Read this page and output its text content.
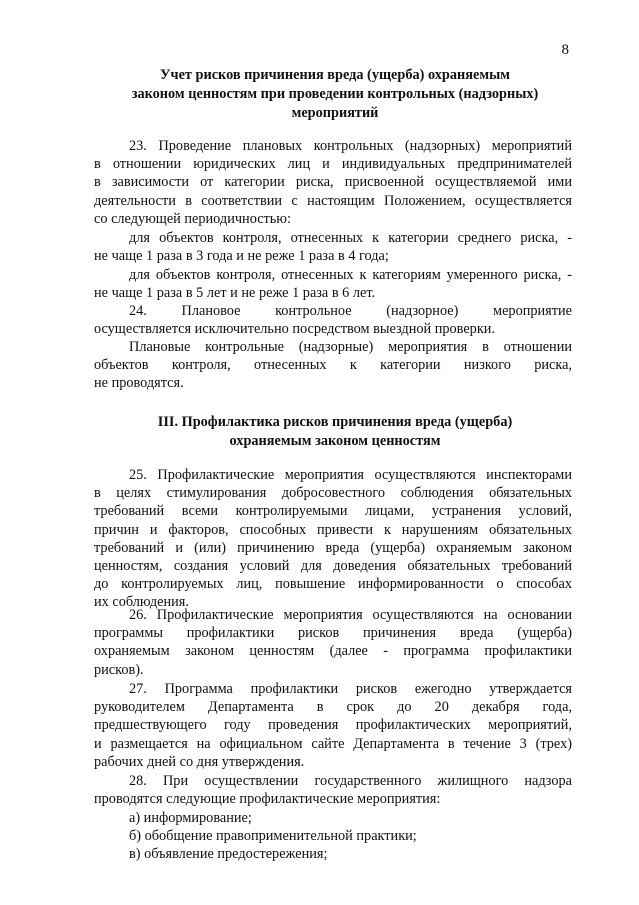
8
Учет рисков причинения вреда (ущерба) охраняемым
законом ценностям при проведении контрольных (надзорных)
мероприятий
23. Проведение плановых контрольных (надзорных) мероприятий
в отношении юридических лиц и индивидуальных предпринимателей
в зависимости от категории риска, присвоенной осуществляемой ими
деятельности в соответствии с настоящим Положением, осуществляется
со следующей периодичностью:
для объектов контроля, отнесенных к категории среднего риска, -
не чаще 1 раза в 3 года и не реже 1 раза в 4 года;
для объектов контроля, отнесенных к категориям умеренного риска, -
не чаще 1 раза в 5 лет и не реже 1 раза в 6 лет.
24. Плановое контрольное (надзорное) мероприятие
осуществляется исключительно посредством выездной проверки.
Плановые контрольные (надзорные) мероприятия в отношении
объектов контроля, отнесенных к категории низкого риска,
не проводятся.
III. Профилактика рисков причинения вреда (ущерба)
охраняемым законом ценностям
25. Профилактические мероприятия осуществляются инспекторами
в целях стимулирования добросовестного соблюдения обязательных
требований всеми контролируемыми лицами, устранения условий,
причин и факторов, способных привести к нарушениям обязательных
требований и (или) причинению вреда (ущерба) охраняемым законом
ценностям, создания условий для доведения обязательных требований
до контролируемых лиц, повышение информированности о способах
их соблюдения.
26. Профилактические мероприятия осуществляются на основании
программы профилактики рисков причинения вреда (ущерба)
охраняемым законом ценностям (далее - программа профилактики
рисков).
27. Программа профилактики рисков ежегодно утверждается
руководителем Департамента в срок до 20 декабря года,
предшествующего году проведения профилактических мероприятий,
и размещается на официальном сайте Департамента в течение 3 (трех)
рабочих дней со дня утверждения.
28. При осуществлении государственного жилищного надзора
проводятся следующие профилактические мероприятия:
а) информирование;
б) обобщение правоприменительной практики;
в) объявление предостережения;
